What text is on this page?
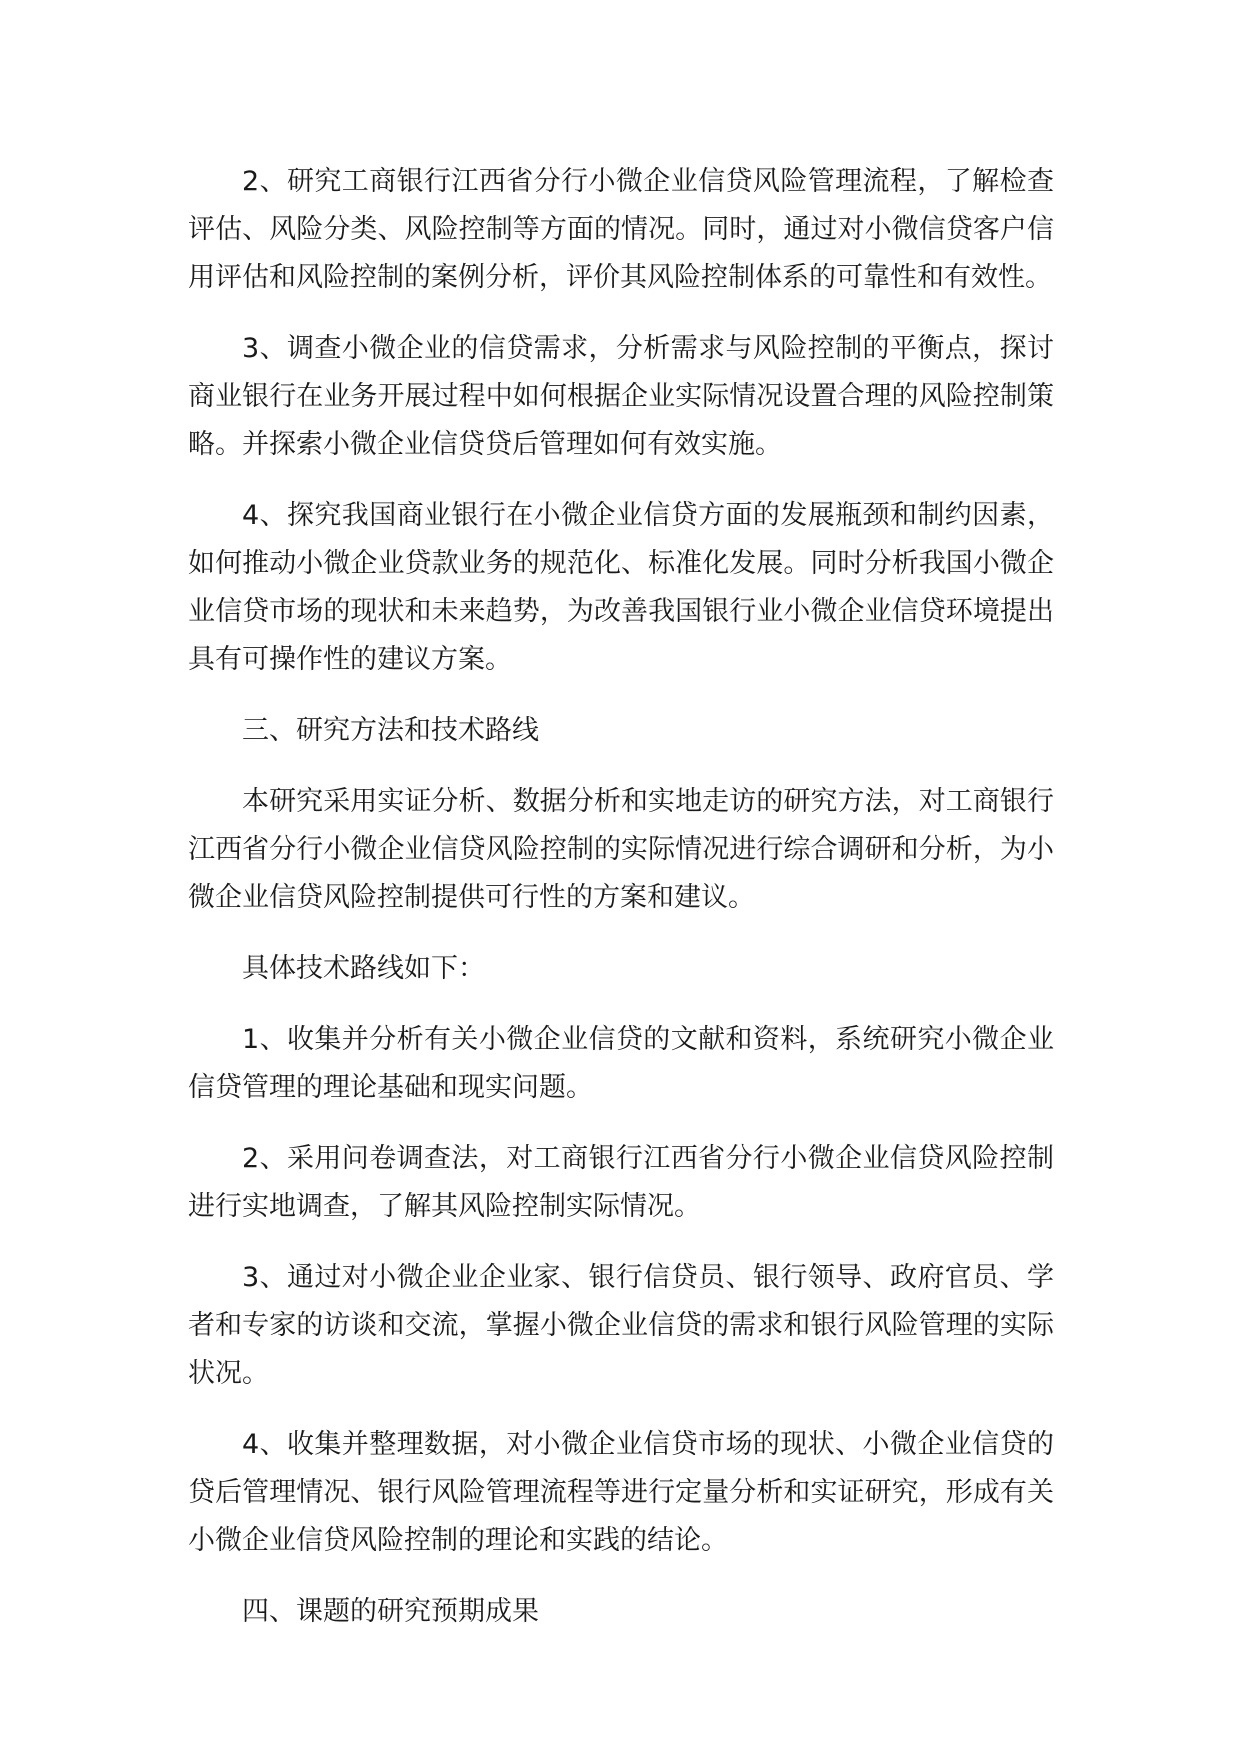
2、研究工商银行江西省分行小微企业信贷风险管理流程，了解检查评估、风险分类、风险控制等方面的情况。同时，通过对小微信贷客户信用评估和风险控制的案例分析，评价其风险控制体系的可靠性和有效性。

3、调查小微企业的信贷需求，分析需求与风险控制的平衡点，探讨商业银行在业务开展过程中如何根据企业实际情况设置合理的风险控制策略。并探索小微企业信贷贷后管理如何有效实施。

4、探究我国商业银行在小微企业信贷方面的发展瓶颈和制约因素，如何推动小微企业贷款业务的规范化、标准化发展。同时分析我国小微企业信贷市场的现状和未来趋势，为改善我国银行业小微企业信贷环境提出具有可操作性的建议方案。

三、研究方法和技术路线

本研究采用实证分析、数据分析和实地走访的研究方法，对工商银行江西省分行小微企业信贷风险控制的实际情况进行综合调研和分析，为小微企业信贷风险控制提供可行性的方案和建议。

具体技术路线如下：

1、收集并分析有关小微企业信贷的文献和资料，系统研究小微企业信贷管理的理论基础和现实问题。

2、采用问卷调查法，对工商银行江西省分行小微企业信贷风险控制进行实地调查，了解其风险控制实际情况。

3、通过对小微企业企业家、银行信贷员、银行领导、政府官员、学者和专家的访谈和交流，掌握小微企业信贷的需求和银行风险管理的实际状况。

4、收集并整理数据，对小微企业信贷市场的现状、小微企业信贷的贷后管理情况、银行风险管理流程等进行定量分析和实证研究，形成有关小微企业信贷风险控制的理论和实践的结论。

四、课题的研究预期成果
